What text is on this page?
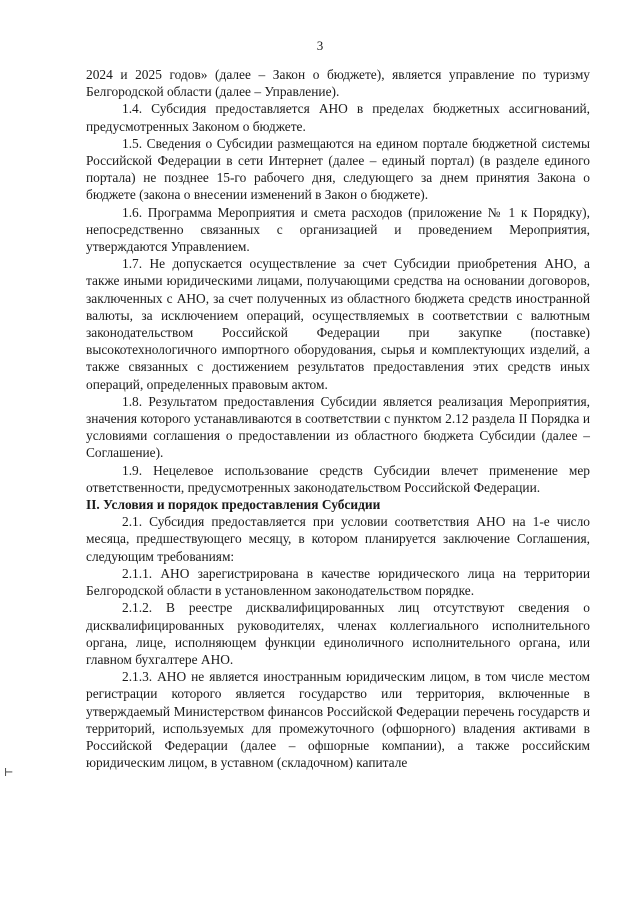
3

2024 и 2025 годов» (далее – Закон о бюджете), является управление по туризму Белгородской области (далее – Управление).

1.4. Субсидия предоставляется АНО в пределах бюджетных ассигнований, предусмотренных Законом о бюджете.

1.5. Сведения о Субсидии размещаются на едином портале бюджетной системы Российской Федерации в сети Интернет (далее – единый портал) (в разделе единого портала) не позднее 15-го рабочего дня, следующего за днем принятия Закона о бюджете (закона о внесении изменений в Закон о бюджете).

1.6. Программа Мероприятия и смета расходов (приложение № 1 к Порядку), непосредственно связанных с организацией и проведением Мероприятия, утверждаются Управлением.

1.7. Не допускается осуществление за счет Субсидии приобретения АНО, а также иными юридическими лицами, получающими средства на основании договоров, заключенных с АНО, за счет полученных из областного бюджета средств иностранной валюты, за исключением операций, осуществляемых в соответствии с валютным законодательством Российской Федерации при закупке (поставке) высокотехнологичного импортного оборудования, сырья и комплектующих изделий, а также связанных с достижением результатов предоставления этих средств иных операций, определенных правовым актом.

1.8. Результатом предоставления Субсидии является реализация Мероприятия, значения которого устанавливаются в соответствии с пунктом 2.12 раздела II Порядка и условиями соглашения о предоставлении из областного бюджета Субсидии (далее – Соглашение).

1.9. Нецелевое использование средств Субсидии влечет применение мер ответственности, предусмотренных законодательством Российской Федерации.

II. Условия и порядок предоставления Субсидии

2.1. Субсидия предоставляется при условии соответствия АНО на 1-е число месяца, предшествующего месяцу, в котором планируется заключение Соглашения, следующим требованиям:

2.1.1. АНО зарегистрирована в качестве юридического лица на территории Белгородской области в установленном законодательством порядке.

2.1.2. В реестре дисквалифицированных лиц отсутствуют сведения о дисквалифицированных руководителях, членах коллегиального исполнительного органа, лице, исполняющем функции единоличного исполнительного органа, или главном бухгалтере АНО.

2.1.3. АНО не является иностранным юридическим лицом, в том числе местом регистрации которого является государство или территория, включенные в утверждаемый Министерством финансов Российской Федерации перечень государств и территорий, используемых для промежуточного (офшорного) владения активами в Российской Федерации (далее – офшорные компании), а также российским юридическим лицом, в уставном (складочном) капитале

⊢
